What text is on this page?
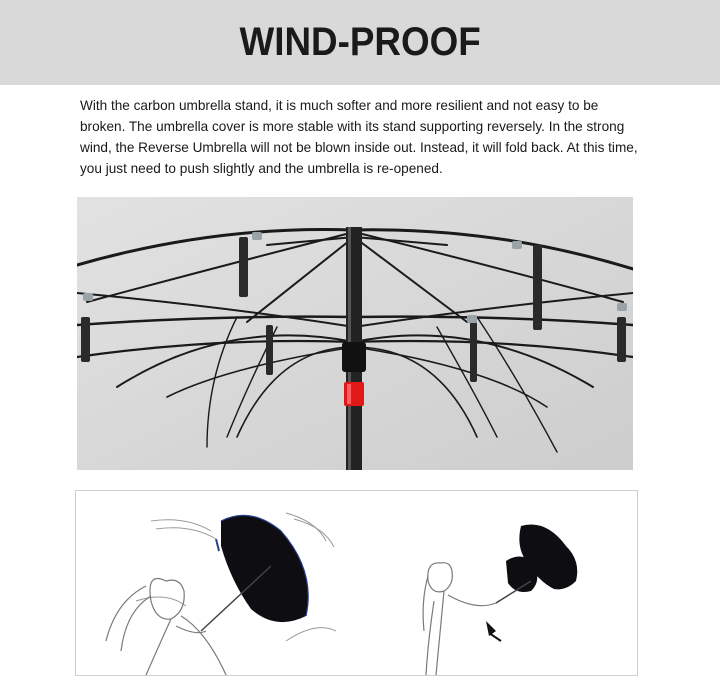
WIND-PROOF

With the carbon umbrella stand, it is much softer and more resilient and not easy to be broken. The umbrella cover is more stable with its stand supporting reversely. In the strong wind, the Reverse Umbrella will not be blown inside out. Instead, it will fold back. At this time, you just need to push slightly and the umbrella is re-opened.
